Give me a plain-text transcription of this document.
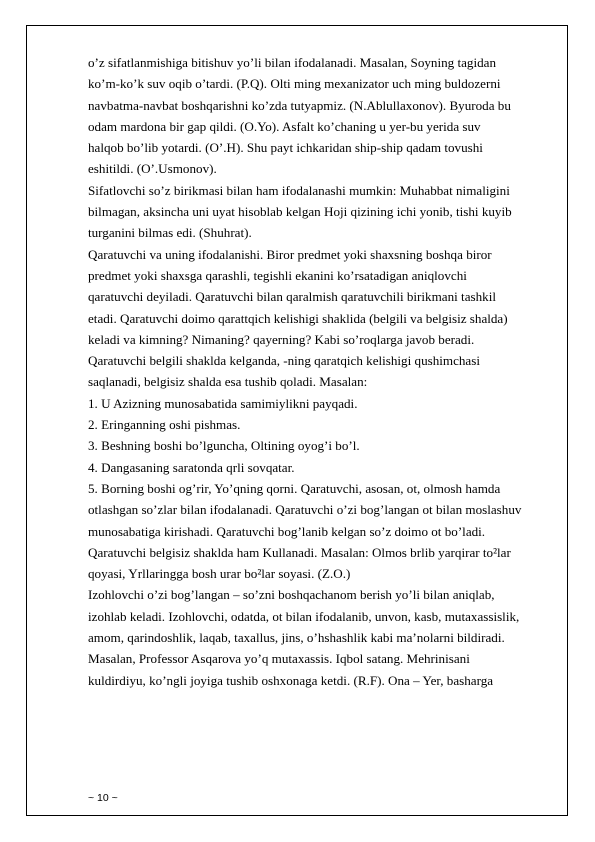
o’z sifatlanmishiga bitishuv yo’li bilan ifodalanadi. Masalan, Soyning tagidan
ko’m-ko’k suv oqib o’tardi. (P.Q). Olti ming mexanizator uch ming buldozerni
navbatma-navbat boshqarishni ko’zda tutyapmiz. (N.Ablullaxonov). Byuroda bu
odam mardona bir gap qildi. (O.Yo). Asfalt ko’chaning u yer-bu yerida suv
halqob bo’lib yotardi. (O’.H). Shu payt ichkaridan ship-ship qadam tovushi
eshitildi. (O’.Usmonov).
Sifatlovchi so’z birikmasi bilan ham ifodalanashi mumkin: Muhabbat nimaligini
bilmagan, aksincha uni uyat hisoblab kelgan Hoji qizining ichi yonib, tishi kuyib
turganini bilmas edi. (Shuhrat).
Qaratuvchi va uning ifodalanishi. Biror predmet yoki shaxsning boshqa biror
predmet yoki shaxsga qarashli, tegishli ekanini ko’rsatadigan aniqlovchi
qaratuvchi deyiladi. Qaratuvchi bilan qaralmish qaratuvchili birikmani tashkil
etadi. Qaratuvchi doimo qarattqich kelishigi shaklida (belgili va belgisiz shalda)
keladi va kimning? Nimaning? qayerning? Kabi so’roqlarga javob beradi.
Qaratuvchi belgili shaklda kelganda, -ning qaratqich kelishigi qushimchasi
saqlanadi, belgisiz shalda esa tushib qoladi. Masalan:
1. U Azizning munosabatida samimiylikni payqadi.
2. Eringanning oshi pishmas.
3. Beshning boshi bo’lguncha, Oltining oyog’i bo’l.
4. Dangasaning saratonda qrli sovqatar.
5. Borning boshi og’rir, Yo’qning qorni. Qaratuvchi, asosan, ot, olmosh hamda
otlashgan so’zlar bilan ifodalanadi. Qaratuvchi o’zi bog’langan ot bilan moslashuv
munosabatiga kirishadi. Qaratuvchi bog’lanib kelgan so’z doimo ot bo’ladi.
Qaratuvchi belgisiz shaklda ham Kullanadi. Masalan: Olmos brlib yarqirar to²lar
qoyasi, Yrllaringga bosh urar bo²lar soyasi. (Z.O.)
Izohlovchi o’zi bog’langan – so’zni boshqachanom berish yo’li bilan aniqlab,
izohlab keladi. Izohlovchi, odatda, ot bilan ifodalanib, unvon, kasb, mutaxassislik,
amom, qarindoshlik, laqab, taxallus, jins, o’hshashlik kabi ma’nolarni bildiradi.
Masalan, Professor Asqarova yo’q mutaxassis. Iqbol satang. Mehrinisani
kuldirdiyu, ko’ngli joyiga tushib oshxonaga ketdi. (R.F). Ona – Yer, basharga
~ 10 ~
